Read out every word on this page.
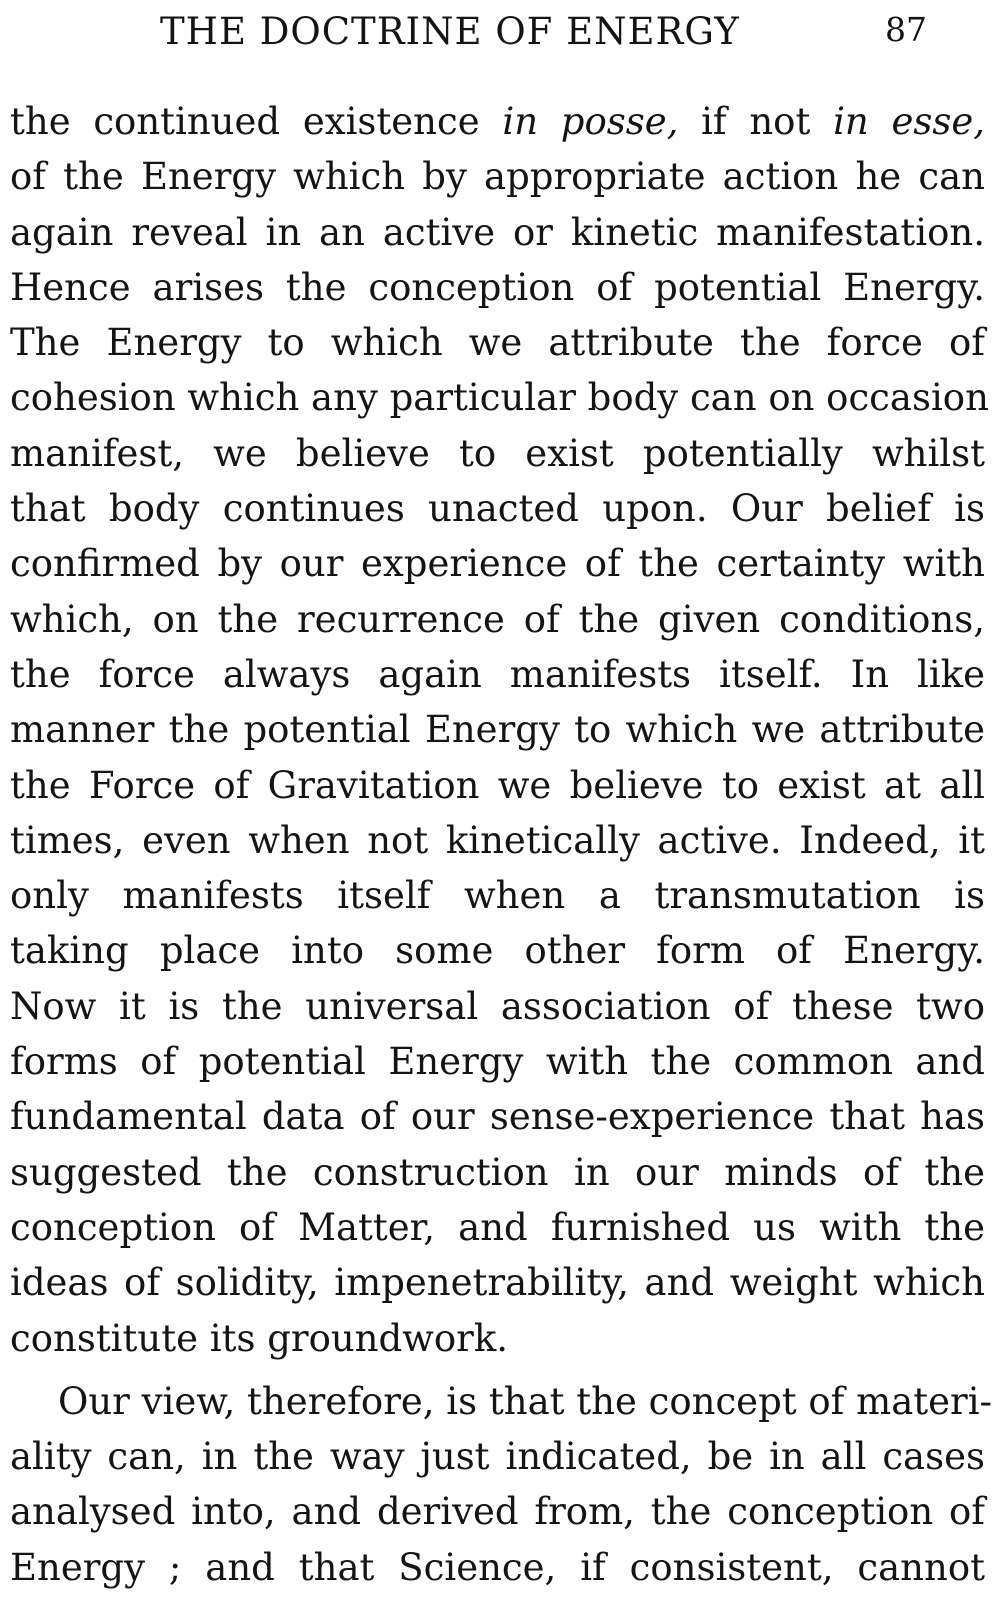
THE DOCTRINE OF ENERGY	87

the continued existence in posse, if not in esse,
of the Energy which by appropriate action he can
again reveal in an active or kinetic manifestation.
Hence arises the conception of potential Energy.
The Energy to which we attribute the force of
cohesion which any particular body can on occasion
manifest, we believe to exist potentially whilst
that body continues unacted upon. Our belief is
confirmed by our experience of the certainty with
which, on the recurrence of the given conditions,
the force always again manifests itself. In like
manner the potential Energy to which we attribute
the Force of Gravitation we believe to exist at all
times, even when not kinetically active. Indeed, it
only manifests itself when a transmutation is
taking place into some other form of Energy.
Now it is the universal association of these two
forms of potential Energy with the common and
fundamental data of our sense-experience that has
suggested the construction in our minds of the
conception of Matter, and furnished us with the
ideas of solidity, impenetrability, and weight which
constitute its groundwork.

Our view, therefore, is that the concept of materi-
ality can, in the way just indicated, be in all cases
analysed into, and derived from, the conception of
Energy ; and that Science, if consistent, cannot
